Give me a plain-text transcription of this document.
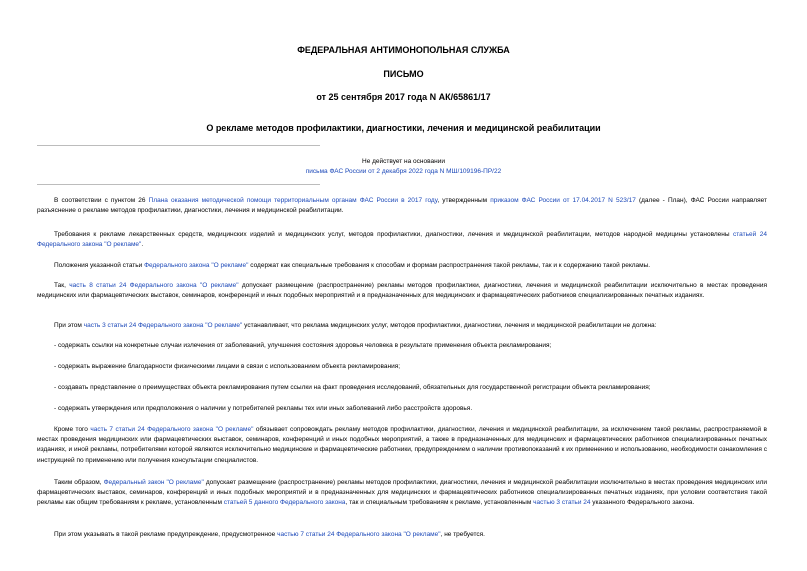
ФЕДЕРАЛЬНАЯ АНТИМОНОПОЛЬНАЯ СЛУЖБА
ПИСЬМО
от 25 сентября 2017 года N АК/65861/17
О рекламе методов профилактики, диагностики, лечения и медицинской реабилитации
Не действует на основании
письма ФАС России от 2 декабря 2022 года N МШ/109196-ПР/22
В соответствии с пунктом 26 Плана оказания методической помощи территориальным органам ФАС России в 2017 году, утвержденным приказом ФАС России от 17.04.2017 N 523/17 (далее - План), ФАС России направляет разъяснение о рекламе методов профилактики, диагностики, лечения и медицинской реабилитации.
Требования к рекламе лекарственных средств, медицинских изделий и медицинских услуг, методов профилактики, диагностики, лечения и медицинской реабилитации, методов народной медицины установлены статьей 24 Федерального закона "О рекламе".
Положения указанной статьи Федерального закона "О рекламе" содержат как специальные требования к способам и формам распространения такой рекламы, так и к содержанию такой рекламы.
Так, часть 8 статьи 24 Федерального закона "О рекламе" допускает размещение (распространение) рекламы методов профилактики, диагностики, лечения и медицинской реабилитации исключительно в местах проведения медицинских или фармацевтических выставок, семинаров, конференций и иных подобных мероприятий и в предназначенных для медицинских и фармацевтических работников специализированных печатных изданиях.
При этом часть 3 статьи 24 Федерального закона "О рекламе" устанавливает, что реклама медицинских услуг, методов профилактики, диагностики, лечения и медицинской реабилитации не должна:
- содержать ссылки на конкретные случаи излечения от заболеваний, улучшения состояния здоровья человека в результате применения объекта рекламирования;
- содержать выражение благодарности физическими лицами в связи с использованием объекта рекламирования;
- создавать представление о преимуществах объекта рекламирования путем ссылки на факт проведения исследований, обязательных для государственной регистрации объекта рекламирования;
- содержать утверждения или предположения о наличии у потребителей рекламы тех или иных заболеваний либо расстройств здоровья.
Кроме того часть 7 статьи 24 Федерального закона "О рекламе" обязывает сопровождать рекламу методов профилактики, диагностики, лечения и медицинской реабилитации, за исключением такой рекламы, распространяемой в местах проведения медицинских или фармацевтических выставок, семинаров, конференций и иных подобных мероприятий, а также в предназначенных для медицинских и фармацевтических работников специализированных печатных изданиях, и иной рекламы, потребителями которой являются исключительно медицинские и фармацевтические работники, предупреждением о наличии противопоказаний к их применению и использованию, необходимости ознакомления с инструкцией по применению или получения консультации специалистов.
Таким образом, Федеральный закон "О рекламе" допускает размещение (распространение) рекламы методов профилактики, диагностики, лечения и медицинской реабилитации исключительно в местах проведения медицинских или фармацевтических выставок, семинаров, конференций и иных подобных мероприятий и в предназначенных для медицинских и фармацевтических работников специализированных печатных изданиях, при условии соответствия такой рекламы как общим требованиям к рекламе, установленным статьей 5 данного Федерального закона, так и специальным требованиям к рекламе, установленным частью 3 статьи 24 указанного Федерального закона.
При этом указывать в такой рекламе предупреждение, предусмотренное частью 7 статьи 24 Федерального закона "О рекламе", не требуется.
